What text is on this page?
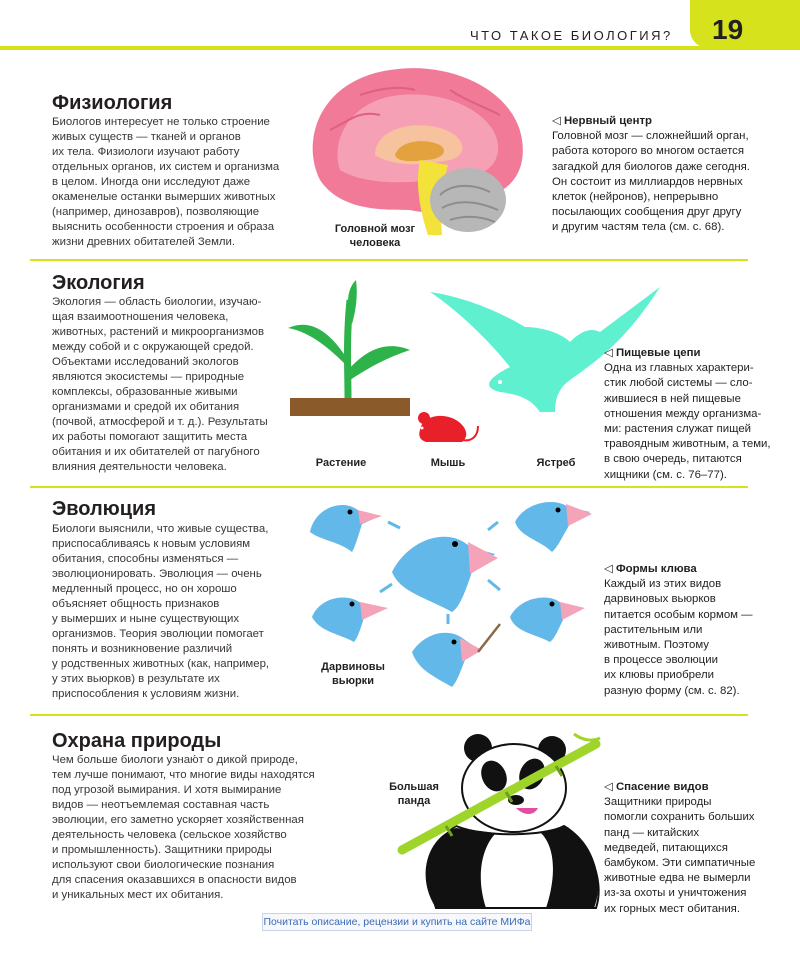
ЧТО ТАКОЕ БИОЛОГИЯ? 19
Физиология
Биологов интересует не только строение
живых существ — тканей и органов
их тела. Физиологи изучают работу
отдельных органов, их систем и организма
в целом. Иногда они исследуют даже
окаменелые останки вымерших животных
(например, динозавров), позволяющие
выяснить особенности строения и образа
жизни древних обитателей Земли.
Головной мозг
человека
◁ Нервный центр
Головной мозг — сложнейший орган,
работа которого во многом остается
загадкой для биологов даже сегодня.
Он состоит из миллиардов нервных
клеток (нейронов), непрерывно
посылающих сообщения друг другу
и другим частям тела (см. с. 68).
Экология
Экология — область биологии, изучаю-
щая взаимоотношения человека,
животных, растений и микроорганизмов
между собой и с окружающей средой.
Объектами исследований экологов
являются экосистемы — природные
комплексы, образованные живыми
организмами и средой их обитания
(почвой, атмосферой и т. д.). Результаты
их работы помогают защитить места
обитания и их обитателей от пагубного
влияния деятельности человека.	Растение	Мышь	Ястреб
◁ Пищевые цепи
Одна из главных характери-
стик любой системы — сло-
жившиеся в ней пищевые
отношения между организма-
ми: растения служат пищей
травоядным животным, а теми,
в свою очередь, питаются
хищники (см. с. 76–77).
Эволюция
Биологи выяснили, что живые существа,
приспосабливаясь к новым условиям
обитания, способны изменяться —
эволюционировать. Эволюция — очень
медленный процесс, но он хорошо
объясняет общность признаков
у вымерших и ныне существующих
организмов. Теория эволюции помогает
понять и возникновение различий
у родственных животных (как, например,
у этих вьюрков) в результате их
приспособления к условиям жизни.
Дарвиновы
вьюрки
◁ Формы клюва
Каждый из этих видов
дарвиновых вьюрков
питается особым кормом —
растительным или
животным. Поэтому
в процессе эволюции
их клювы приобрели
разную форму (см. с. 82).
Охрана природы
Чем больше биологи узнаю́т о дикой природе,
тем лучше понимают, что многие виды находятся
под угрозой вымирания. И хотя вымирание
видов — неотъемлемая составная часть
эволюции, его заметно ускоряет хозяйственная
деятельность человека (сельское хозяйство
и промышленность). Защитники природы
используют свои биологические познания
для спасения оказавшихся в опасности видов
и уникальных мест их обитания.
Большая
панда
◁ Спасение видов
Защитники природы
помогли сохранить больших
панд — китайских
медведей, питающихся
бамбуком. Эти симпатичные
животные едва не вымерли
из-за охоты и уничтожения
их горных мест обитания.
Почитать описание, рецензии и купить на сайте МИФа
